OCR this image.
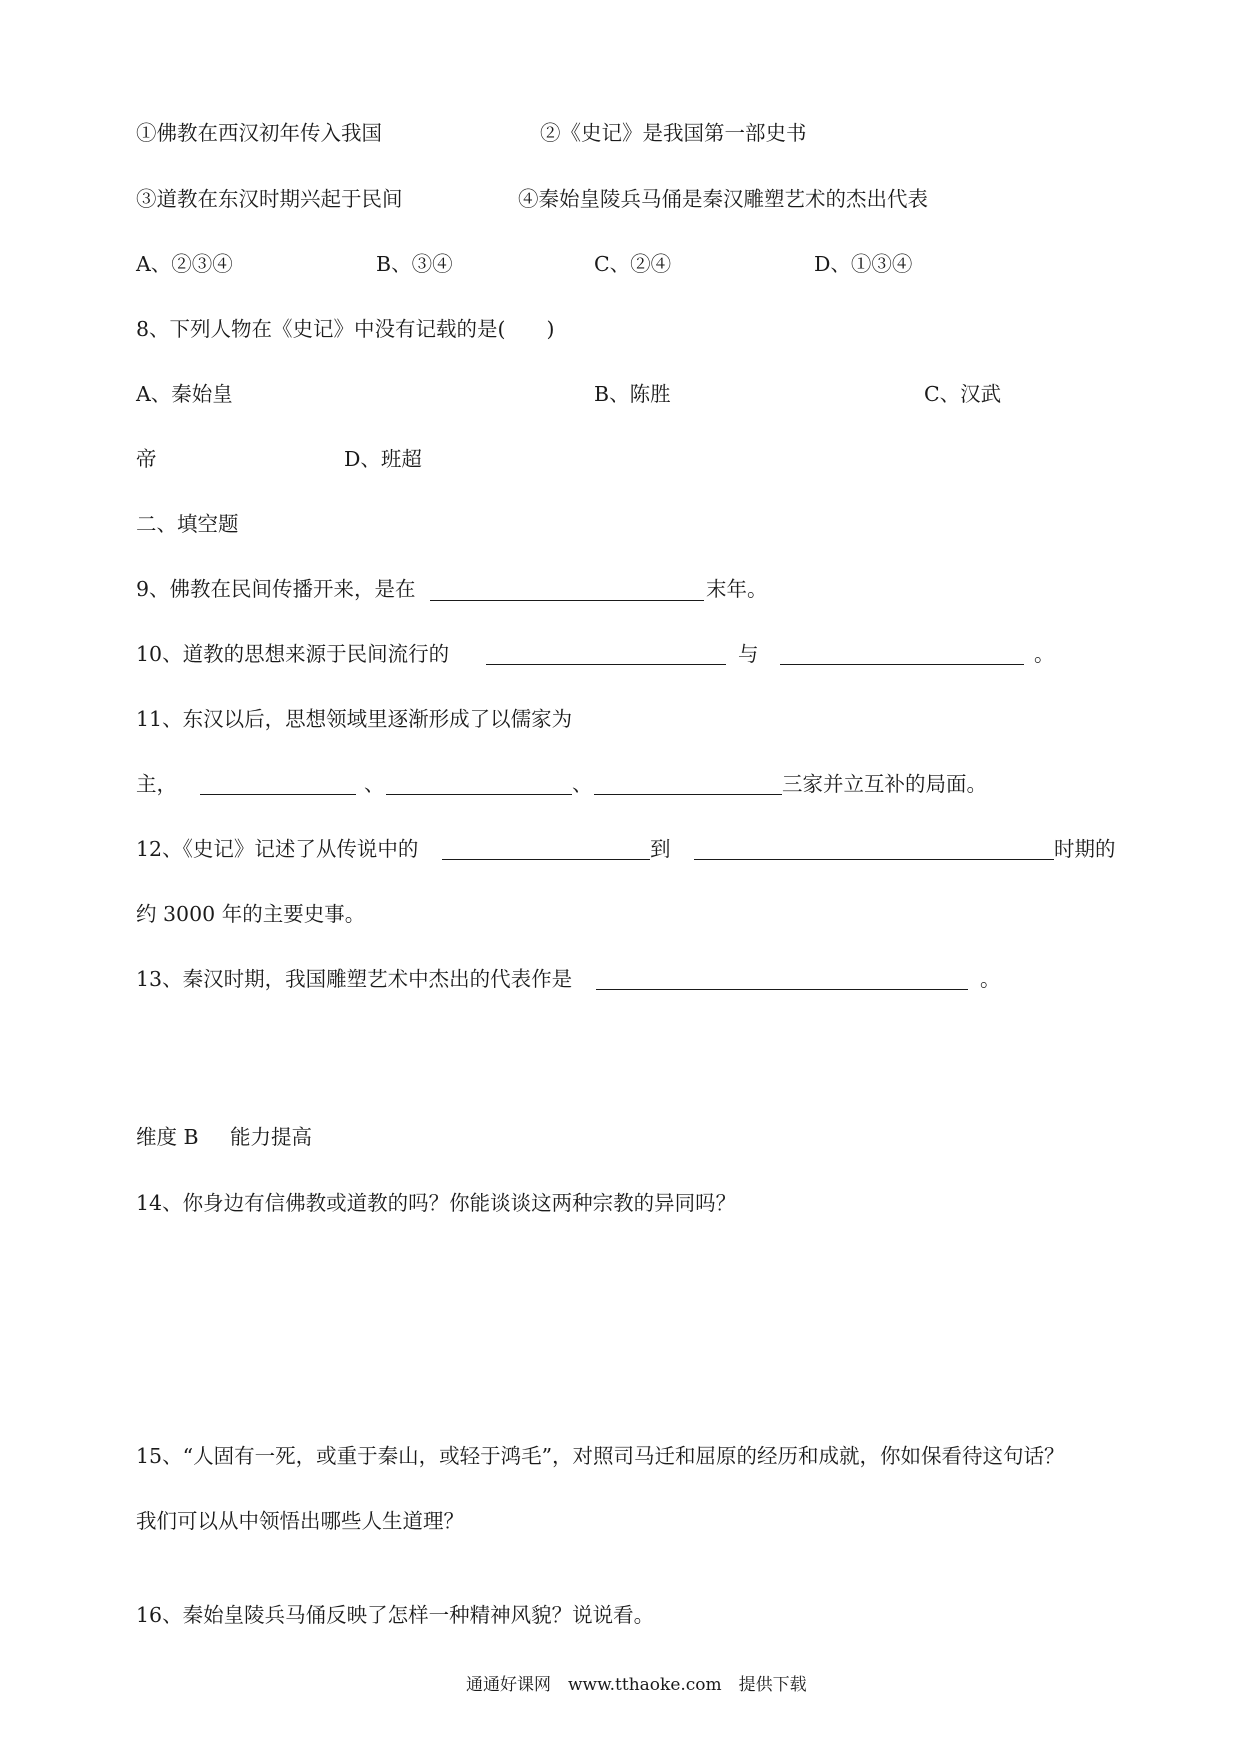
①佛教在西汉初年传入我国	②《史记》是我国第一部史书
③道教在东汉时期兴起于民间	④秦始皇陵兵马俑是秦汉雕塑艺术的杰出代表
A、②③④	B、③④	C、②④	D、①③④
8、下列人物在《史记》中没有记载的是(　　)
A、秦始皇	B、陈胜	C、汉武
帝	D、班超
二、填空题
9、佛教在民间传播开来，是在	末年。
10、道教的思想来源于民间流行的	与	。
11、东汉以后，思想领域里逐渐形成了以儒家为
主，	、	、	三家并立互补的局面。
12、《史记》记述了从传说中的	到	时期的
约 3000 年的主要史事。
13、秦汉时期，我国雕塑艺术中杰出的代表作是	。
维度 B 能力提高
14、你身边有信佛教或道教的吗？你能谈谈这两种宗教的异同吗？
15、“人固有一死，或重于秦山，或轻于鸿毛”，对照司马迁和屈原的经历和成就，你如保看待这句话？
我们可以从中领悟出哪些人生道理？
16、秦始皇陵兵马俑反映了怎样一种精神风貌？说说看。
通通好课网　www.tthaoke.com　提供下载
